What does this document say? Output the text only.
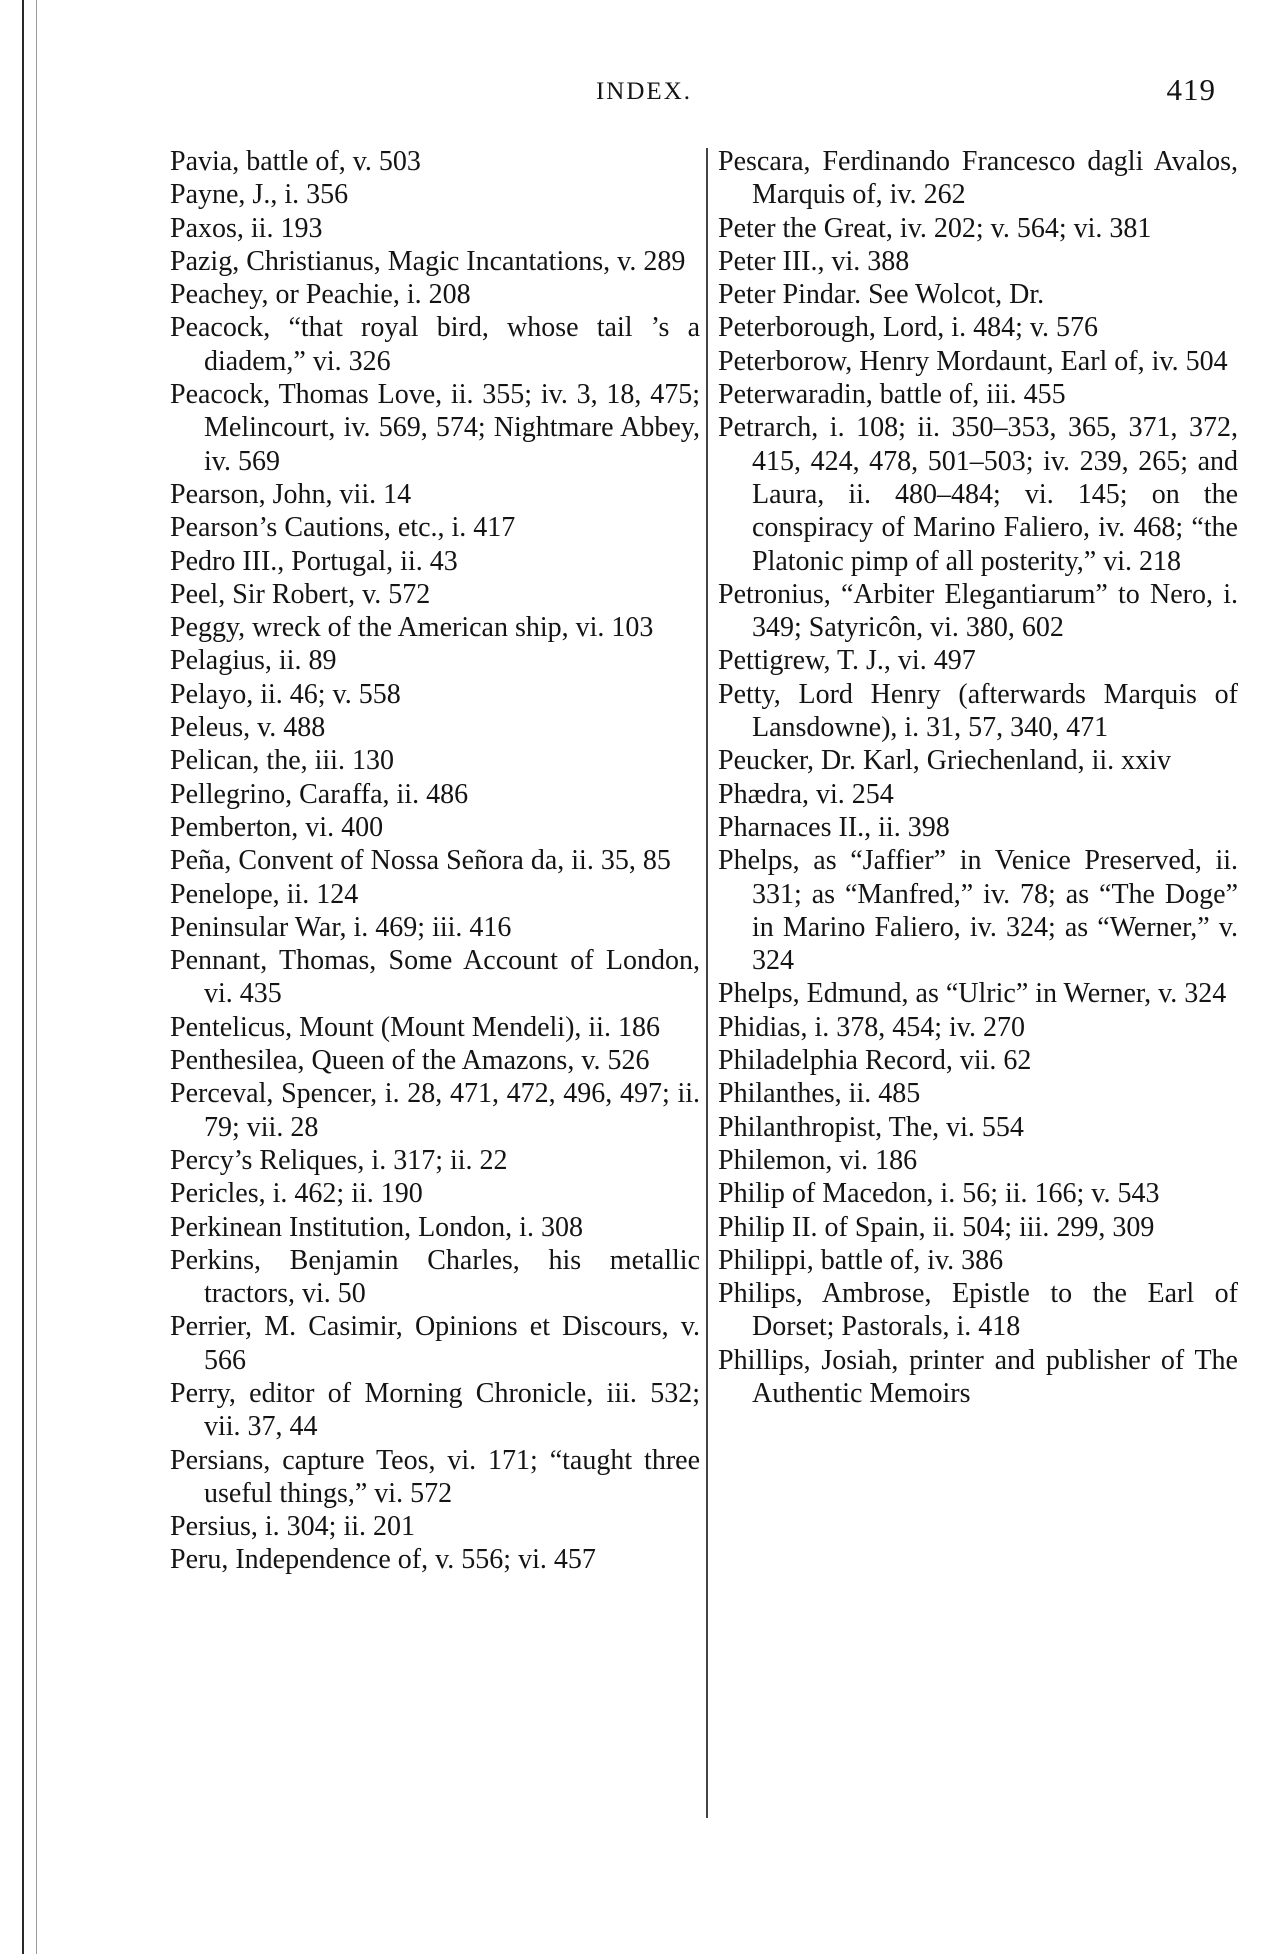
INDEX.	419
Pavia, battle of, v. 503
Payne, J., i. 356
Paxos, ii. 193
Pazig, Christianus, Magic Incantations, v. 289
Peachey, or Peachie, i. 208
Peacock, “that royal bird, whose tail ’s a diadem,” vi. 326
Peacock, Thomas Love, ii. 355; iv. 3, 18, 475; Melincourt, iv. 569, 574; Nightmare Abbey, iv. 569
Pearson, John, vii. 14
Pearson’s Cautions, etc., i. 417
Pedro III., Portugal, ii. 43
Peel, Sir Robert, v. 572
Peggy, wreck of the American ship, vi. 103
Pelagius, ii. 89
Pelayo, ii. 46; v. 558
Peleus, v. 488
Pelican, the, iii. 130
Pellegrino, Caraffa, ii. 486
Pemberton, vi. 400
Peña, Convent of Nossa Señora da, ii. 35, 85
Penelope, ii. 124
Peninsular War, i. 469; iii. 416
Pennant, Thomas, Some Account of London, vi. 435
Pentelicus, Mount (Mount Mendeli), ii. 186
Penthesilea, Queen of the Amazons, v. 526
Perceval, Spencer, i. 28, 471, 472, 496, 497; ii. 79; vii. 28
Percy’s Reliques, i. 317; ii. 22
Pericles, i. 462; ii. 190
Perkinean Institution, London, i. 308
Perkins, Benjamin Charles, his metallic tractors, vi. 50
Perrier, M. Casimir, Opinions et Discours, v. 566
Perry, editor of Morning Chronicle, iii. 532; vii. 37, 44
Persians, capture Teos, vi. 171; “taught three useful things,” vi. 572
Persius, i. 304; ii. 201
Peru, Independence of, v. 556; vi. 457
Pescara, Ferdinando Francesco dagli Avalos, Marquis of, iv. 262
Peter the Great, iv. 202; v. 564; vi. 381
Peter III., vi. 388
Peter Pindar. See Wolcot, Dr.
Peterborough, Lord, i. 484; v. 576
Peterborow, Henry Mordaunt, Earl of, iv. 504
Peterwaradin, battle of, iii. 455
Petrarch, i. 108; ii. 350–353, 365, 371, 372, 415, 424, 478, 501–503; iv. 239, 265; and Laura, ii. 480–484; vi. 145; on the conspiracy of Marino Faliero, iv. 468; “the Platonic pimp of all posterity,” vi. 218
Petronius, “Arbiter Elegantiarum” to Nero, i. 349; Satyricôn, vi. 380, 602
Pettigrew, T. J., vi. 497
Petty, Lord Henry (afterwards Marquis of Lansdowne), i. 31, 57, 340, 471
Peucker, Dr. Karl, Griechenland, ii. xxiv
Phædra, vi. 254
Pharnaces II., ii. 398
Phelps, as “Jaffier” in Venice Preserved, ii. 331; as “Manfred,” iv. 78; as “The Doge” in Marino Faliero, iv. 324; as “Werner,” v. 324
Phelps, Edmund, as “Ulric” in Werner, v. 324
Phidias, i. 378, 454; iv. 270
Philadelphia Record, vii. 62
Philanthes, ii. 485
Philanthropist, The, vi. 554
Philemon, vi. 186
Philip of Macedon, i. 56; ii. 166; v. 543
Philip II. of Spain, ii. 504; iii. 299, 309
Philippi, battle of, iv. 386
Philips, Ambrose, Epistle to the Earl of Dorset; Pastorals, i. 418
Phillips, Josiah, printer and publisher of The Authentic Memoirs
